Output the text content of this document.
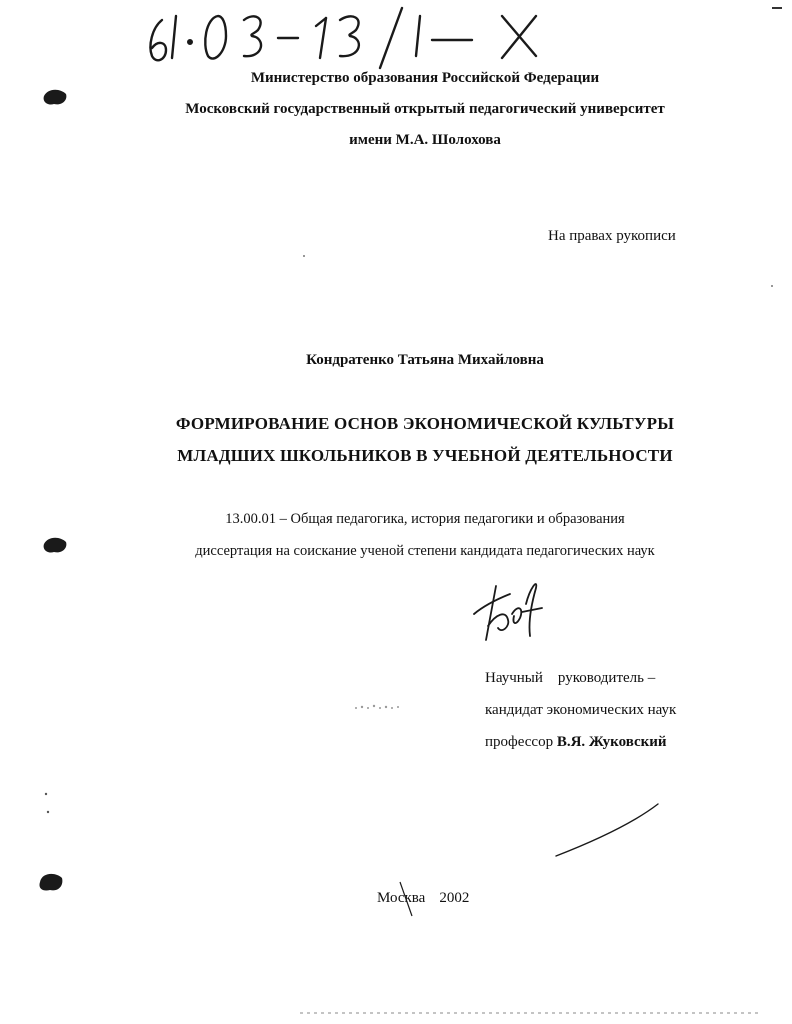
Министерство образования Российской Федерации
Московский государственный открытый педагогический университет
имени М.А. Шолохова
На правах рукописи
Кондратенко Татьяна Михайловна
ФОРМИРОВАНИЕ ОСНОВ ЭКОНОМИЧЕСКОЙ КУЛЬТУРЫ
МЛАДШИХ ШКОЛЬНИКОВ В УЧЕБНОЙ ДЕЯТЕЛЬНОСТИ
13.00.01 – Общая педагогика, история педагогики и образования
диссертация на соискание ученой степени кандидата педагогических наук
Научный    руководитель –
кандидат экономических наук
профессор В.Я. Жуковский
Москва 2002
